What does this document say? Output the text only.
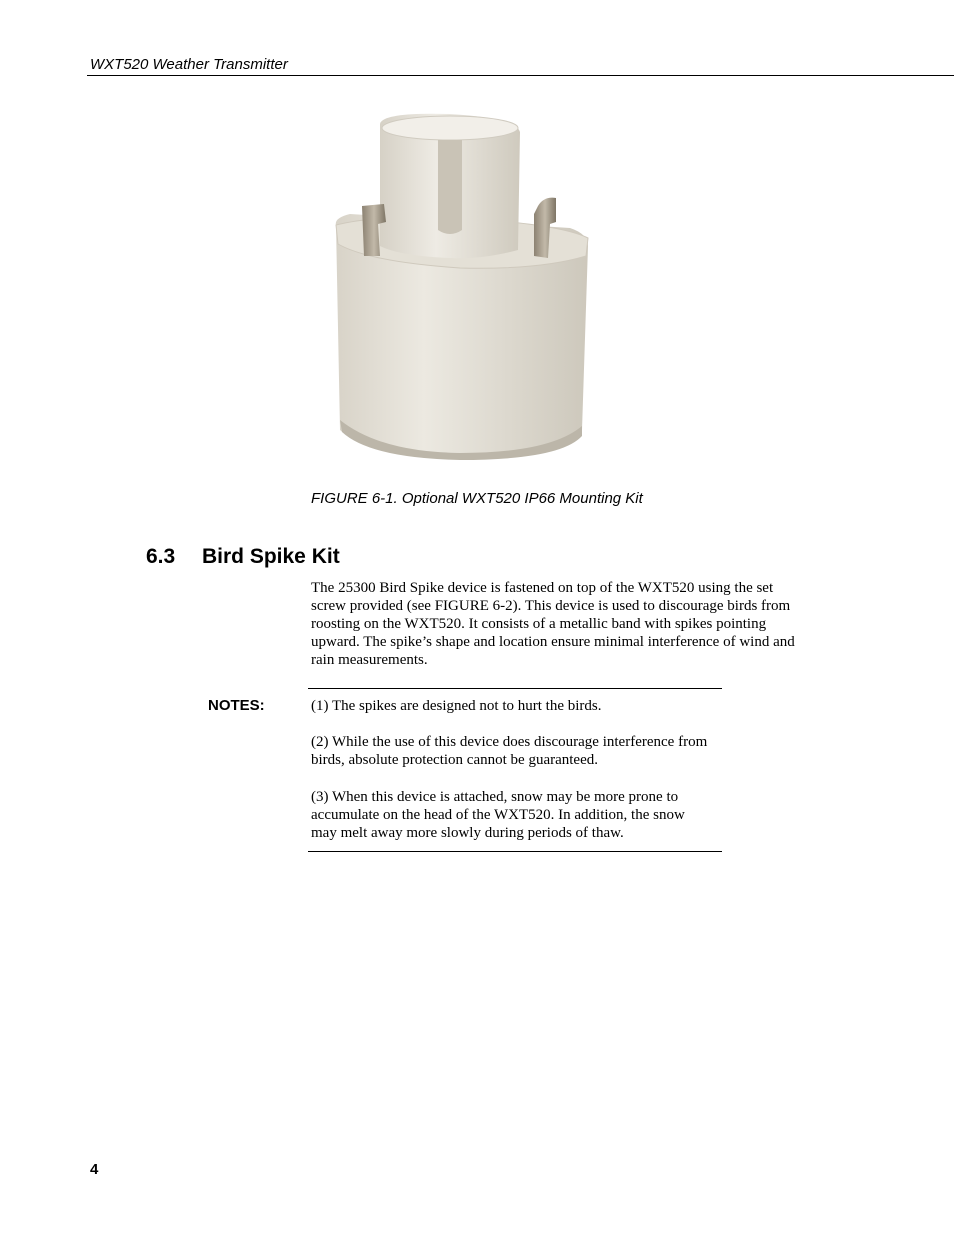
WXT520 Weather Transmitter
FIGURE 6-1. Optional WXT520 IP66 Mounting Kit
6.3 Bird Spike Kit
The 25300 Bird Spike device is fastened on top of the WXT520 using the set screw provided (see FIGURE 6-2). This device is used to discourage birds from roosting on the WXT520. It consists of a metallic band with spikes pointing upward. The spike’s shape and location ensure minimal interference of wind and rain measurements.
NOTES:	(1) The spikes are designed not to hurt the birds.
(2) While the use of this device does discourage interference from birds, absolute protection cannot be guaranteed.
(3) When this device is attached, snow may be more prone to accumulate on the head of the WXT520. In addition, the snow may melt away more slowly during periods of thaw.
4
